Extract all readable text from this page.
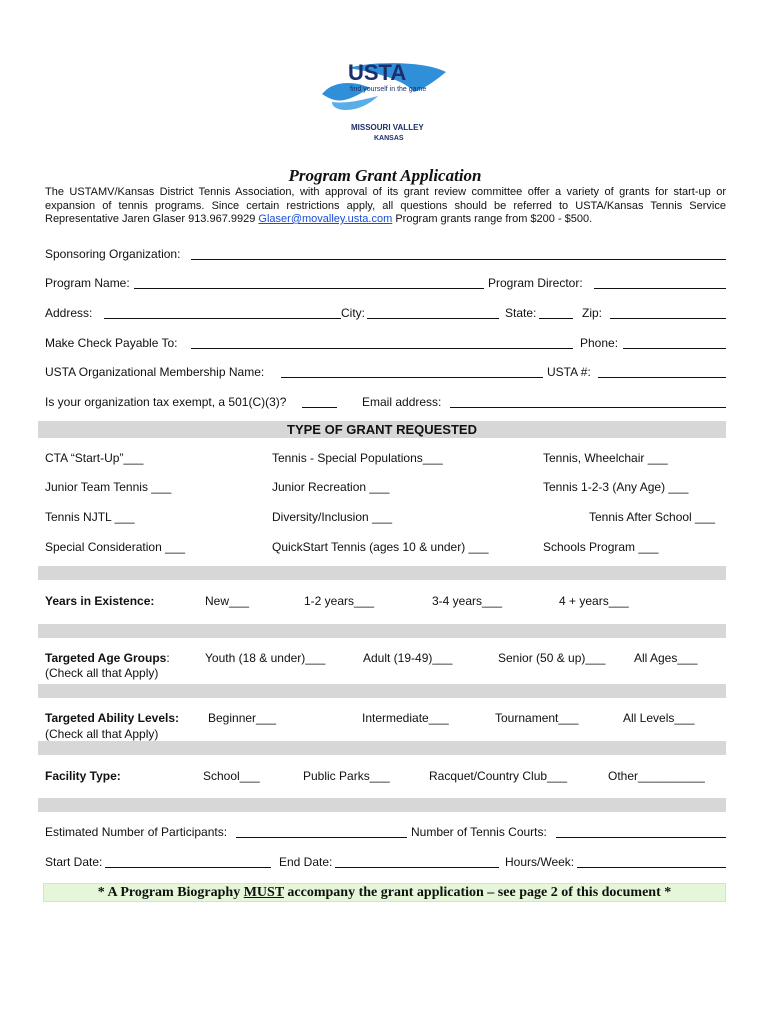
USTA
find yourself in the game
MISSOURI VALLEY
KANSAS
Program Grant Application
The USTAMV/Kansas District Tennis Association, with approval of its grant review committee offer a variety of grants for start-up or expansion of tennis programs. Since certain restrictions apply, all questions should be referred to USTA/Kansas Tennis Service Representative Jaren Glaser 913.967.9929 Glaser@movalley.usta.com Program grants range from $200 - $500.
Sponsoring Organization:
Program Name:	Program Director:
Address:	City:	State:	Zip:
Make Check Payable To:	Phone:
USTA Organizational Membership Name:	USTA #:
Is your organization tax exempt, a 501(C)(3)?	Email address:
TYPE OF GRANT REQUESTED
CTA “Start-Up”___	Tennis - Special Populations___	Tennis, Wheelchair ___
Junior Team Tennis ___	Junior Recreation ___	Tennis 1-2-3 (Any Age) ___
Tennis NJTL ___	Diversity/Inclusion ___	Tennis After School ___
Special Consideration ___	QuickStart Tennis (ages 10 & under) ___	Schools Program ___
Years in Existence:	New___	1-2 years___	3-4 years___	4 + years___
Targeted Age Groups:
(Check all that Apply)
Youth (18 & under)___	Adult (19-49)___	Senior (50 & up)___ All Ages___
Targeted Ability Levels:
(Check all that Apply)
Beginner___	Intermediate___	Tournament___	All Levels___
Facility Type:	School___	Public Parks___	Racquet/Country Club___	Other__________
Estimated Number of Participants:	Number of Tennis Courts:
Start Date:	End Date:	Hours/Week:
* A Program Biography MUST accompany the grant application – see page 2 of this document *
